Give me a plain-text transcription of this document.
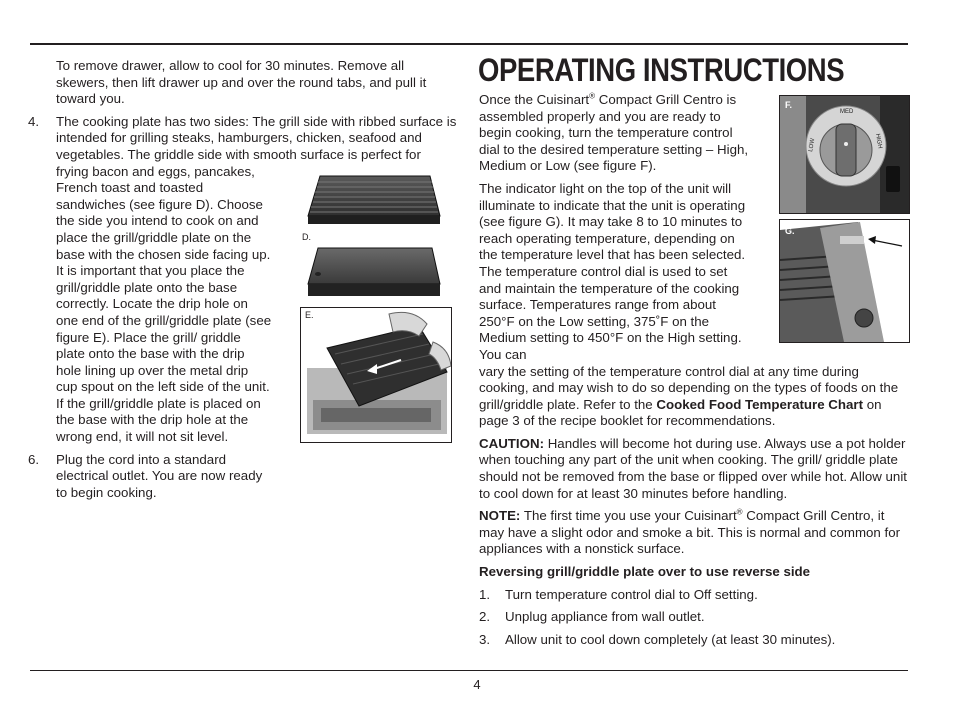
OPERATING INSTRUCTIONS

To remove drawer, allow to cool for 30 minutes. Remove all skewers, then lift drawer up and over the round tabs, and pull it toward you.

4. The cooking plate has two sides: The grill side with ribbed surface is intended for grilling steaks, hamburgers, chicken, seafood and vegetables. The griddle side with smooth surface is perfect for

frying bacon and eggs, pancakes, French toast and toasted sandwiches (see figure D). Choose the side you intend to cook on and place the grill/griddle plate on the base with the chosen side facing up. It is important that you place the grill/griddle plate onto the base correctly. Locate the drip hole on one end of the grill/griddle plate (see figure E). Place the grill/ griddle plate onto the base with the drip hole lining up over the metal drip cup spout on the left side of the unit. If the grill/griddle plate is placed on the base with the drip hole at the wrong end, it will not sit level.

6. Plug the cord into a standard electrical outlet. You are now ready to begin cooking.

D.
E.

Once the Cuisinart® Compact Grill Centro is assembled properly and you are ready to begin cooking, turn the temperature control dial to the desired temperature setting – High, Medium or Low (see figure F).

The indicator light on the top of the unit will illuminate to indicate that the unit is operating (see figure G). It may take 8 to 10 minutes to reach operating temperature, depending on the temperature level that has been selected. The temperature control dial is used to set and maintain the temperature of the cooking surface. Temperatures range from about 250°F on the Low setting, 375˚F on the Medium setting to 450°F on the High setting. You can

vary the setting of the temperature control dial at any time during cooking, and may wish to do so depending on the types of foods on the grill/griddle plate. Refer to the Cooked Food Temperature Chart on page 3 of the recipe booklet for recommendations.

CAUTION: Handles will become hot during use. Always use a pot holder when touching any part of the unit when cooking. The grill/ griddle plate should not be removed from the base or flipped over while hot. Allow unit to cool down for at least 30 minutes before handling.

NOTE: The first time you use your Cuisinart® Compact Grill Centro, it may have a slight odor and smoke a bit. This is normal and common for appliances with a nonstick surface.

Reversing grill/griddle plate over to use reverse side

1. Turn temperature control dial to Off setting.
2. Unplug appliance from wall outlet.
3. Allow unit to cool down completely (at least 30 minutes).
LOW
MED
HIGH
F.
G.
4
